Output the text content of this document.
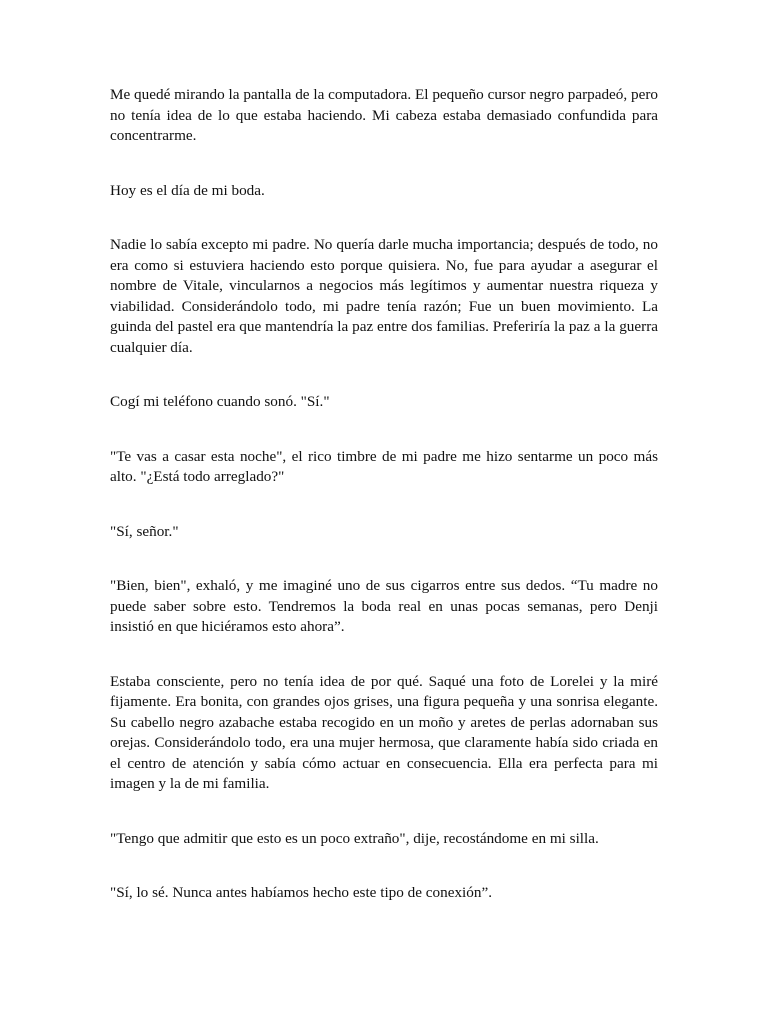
Me quedé mirando la pantalla de la computadora. El pequeño cursor negro parpadeó, pero no tenía idea de lo que estaba haciendo. Mi cabeza estaba demasiado confundida para concentrarme.

Hoy es el día de mi boda.

Nadie lo sabía excepto mi padre. No quería darle mucha importancia; después de todo, no era como si estuviera haciendo esto porque quisiera. No, fue para ayudar a asegurar el nombre de Vitale, vincularnos a negocios más legítimos y aumentar nuestra riqueza y viabilidad. Considerándolo todo, mi padre tenía razón; Fue un buen movimiento. La guinda del pastel era que mantendría la paz entre dos familias. Preferiría la paz a la guerra cualquier día.

Cogí mi teléfono cuando sonó. "Sí."

"Te vas a casar esta noche", el rico timbre de mi padre me hizo sentarme un poco más alto. "¿Está todo arreglado?"

"Sí, señor."

"Bien, bien", exhaló, y me imaginé uno de sus cigarros entre sus dedos. “Tu madre no puede saber sobre esto. Tendremos la boda real en unas pocas semanas, pero Denji insistió en que hiciéramos esto ahora”.

Estaba consciente, pero no tenía idea de por qué. Saqué una foto de Lorelei y la miré fijamente. Era bonita, con grandes ojos grises, una figura pequeña y una sonrisa elegante. Su cabello negro azabache estaba recogido en un moño y aretes de perlas adornaban sus orejas. Considerándolo todo, era una mujer hermosa, que claramente había sido criada en el centro de atención y sabía cómo actuar en consecuencia. Ella era perfecta para mi imagen y la de mi familia.

"Tengo que admitir que esto es un poco extraño", dije, recostándome en mi silla.

"Sí, lo sé. Nunca antes habíamos hecho este tipo de conexión”.
